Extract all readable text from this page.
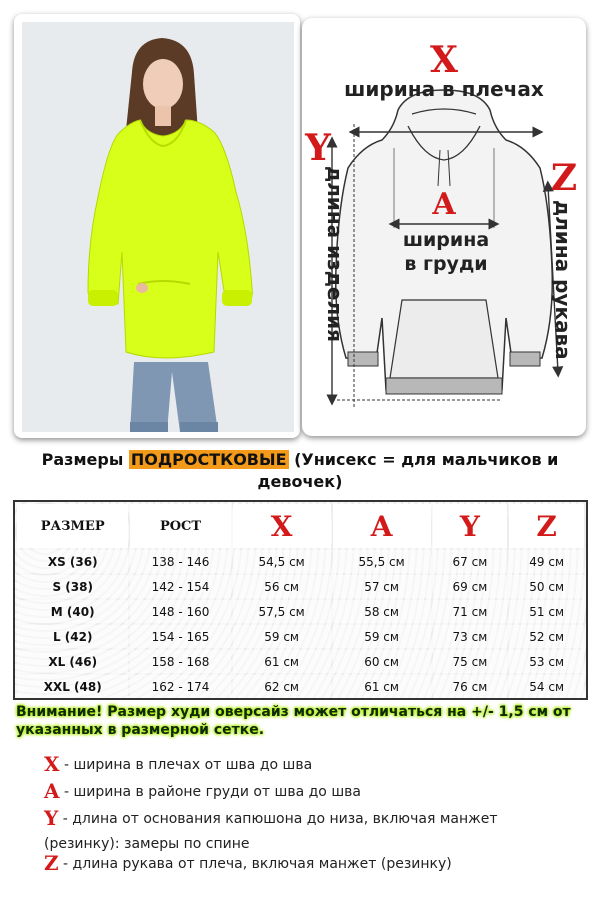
X
ширина в плечах
Y
длина изделия	Z
длина рукава
A
ширина
в груди
Размеры ПОДРОСТКОВЫЕ (Унисекс = для мальчиков и девочек)
РАЗМЕР	РОСТ	X	A	Y	Z
XS (36)	138 - 146	54,5 см	55,5 см	67 см	49 см
S (38)	142 - 154	56 см	57 см	69 см	50 см
M (40)	148 - 160	57,5 см	58 см	71 см	51 см
L (42)	154 - 165	59 см	59 см	73 см	52 см
XL (46)	158 - 168	61 см	60 см	75 см	53 см
XXL (48)	162 - 174	62 см	61 см	76 см	54 см
Внимание! Размер худи оверсайз может отличаться на +/- 1,5 см от указанных в размерной сетке.
X - ширина в плечах от шва до шва
A - ширина в районе груди от шва до шва
Y - длина от основания капюшона до низа, включая манжет (резинку): замеры по спине
Z - длина рукава от плеча, включая манжет (резинку)
